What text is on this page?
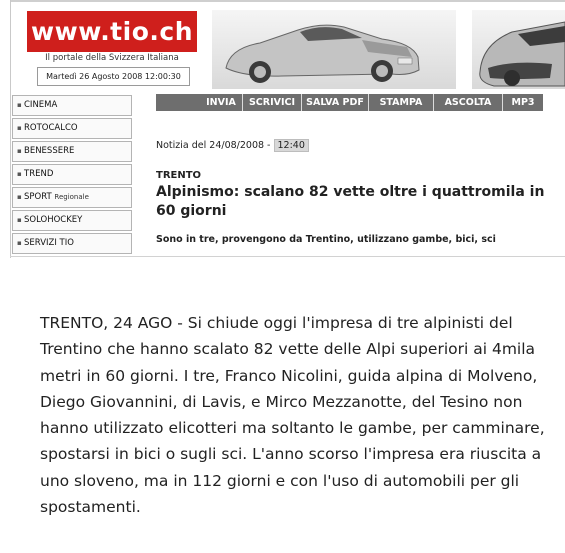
www.tio.ch
Il portale della Svizzera Italiana
Martedì 26 Agosto 2008 12:00:30
▪ CINEMA
▪ ROTOCALCO
▪ BENESSERE
▪ TREND
▪ SPORT Regionale
▪ SOLOHOCKEY
▪ SERVIZI TIO
INVIA	SCRIVICI	SALVA PDF	STAMPA	ASCOLTA	MP3
Notizia del 24/08/2008 - 12:40
TRENTO
Alpinismo: scalano 82 vette oltre i quattromila in 60 giorni
Sono in tre, provengono da Trentino, utilizzano gambe, bici, sci

TRENTO, 24 AGO - Si chiude oggi l'impresa di tre alpinisti del Trentino che hanno scalato 82 vette delle Alpi superiori ai 4mila metri in 60 giorni. I tre, Franco Nicolini, guida alpina di Molveno, Diego Giovannini, di Lavis, e Mirco Mezzanotte, del Tesino non hanno utilizzato elicotteri ma soltanto le gambe, per camminare, spostarsi in bici o sugli sci. L'anno scorso l'impresa era riuscita a uno sloveno, ma in 112 giorni e con l'uso di automobili per gli spostamenti.
